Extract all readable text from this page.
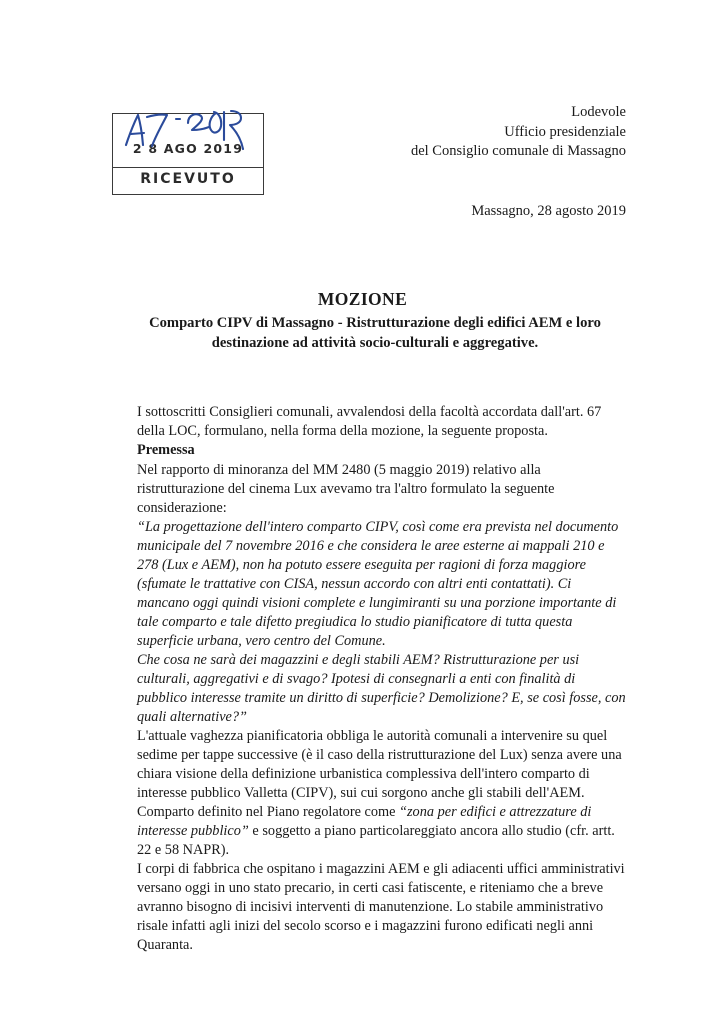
2 8 AGO 2019
RICEVUTO
Lodevole
Ufficio presidenziale
del Consiglio comunale di Massagno
Massagno, 28 agosto 2019
MOZIONE
Comparto CIPV di Massagno - Ristrutturazione degli edifici AEM e loro destinazione ad attività socio-culturali e aggregative.

I sottoscritti Consiglieri comunali, avvalendosi della facoltà accordata dall'art. 67 della LOC, formulano, nella forma della mozione, la seguente proposta.

Premessa

Nel rapporto di minoranza del MM 2480 (5 maggio 2019) relativo alla ristrutturazione del cinema Lux avevamo tra l'altro formulato la seguente considerazione:

“La progettazione dell'intero comparto CIPV, così come era prevista nel documento municipale del 7 novembre 2016 e che considera le aree esterne ai mappali 210 e 278 (Lux e AEM), non ha potuto essere eseguita per ragioni di forza maggiore (sfumate le trattative con CISA, nessun accordo con altri enti contattati). Ci mancano oggi quindi visioni complete e lungimiranti su una porzione importante di tale comparto e tale difetto pregiudica lo studio pianificatore di tutta questa superficie urbana, vero centro del Comune.

Che cosa ne sarà dei magazzini e degli stabili AEM? Ristrutturazione per usi culturali, aggregativi e di svago? Ipotesi di consegnarli a enti con finalità di pubblico interesse tramite un diritto di superficie? Demolizione? E, se così fosse, con quali alternative?”

L'attuale vaghezza pianificatoria obbliga le autorità comunali a intervenire su quel sedime per tappe successive (è il caso della ristrutturazione del Lux) senza avere una chiara visione della definizione urbanistica complessiva dell'intero comparto di interesse pubblico Valletta (CIPV), sui cui sorgono anche gli stabili dell'AEM. Comparto definito nel Piano regolatore come “zona per edifici e attrezzature di interesse pubblico” e soggetto a piano particolareggiato ancora allo studio (cfr. artt. 22 e 58 NAPR).

I corpi di fabbrica che ospitano i magazzini AEM e gli adiacenti uffici amministrativi versano oggi in uno stato precario, in certi casi fatiscente, e riteniamo che a breve avranno bisogno di incisivi interventi di manutenzione. Lo stabile amministrativo risale infatti agli inizi del secolo scorso e i magazzini furono edificati negli anni Quaranta.
